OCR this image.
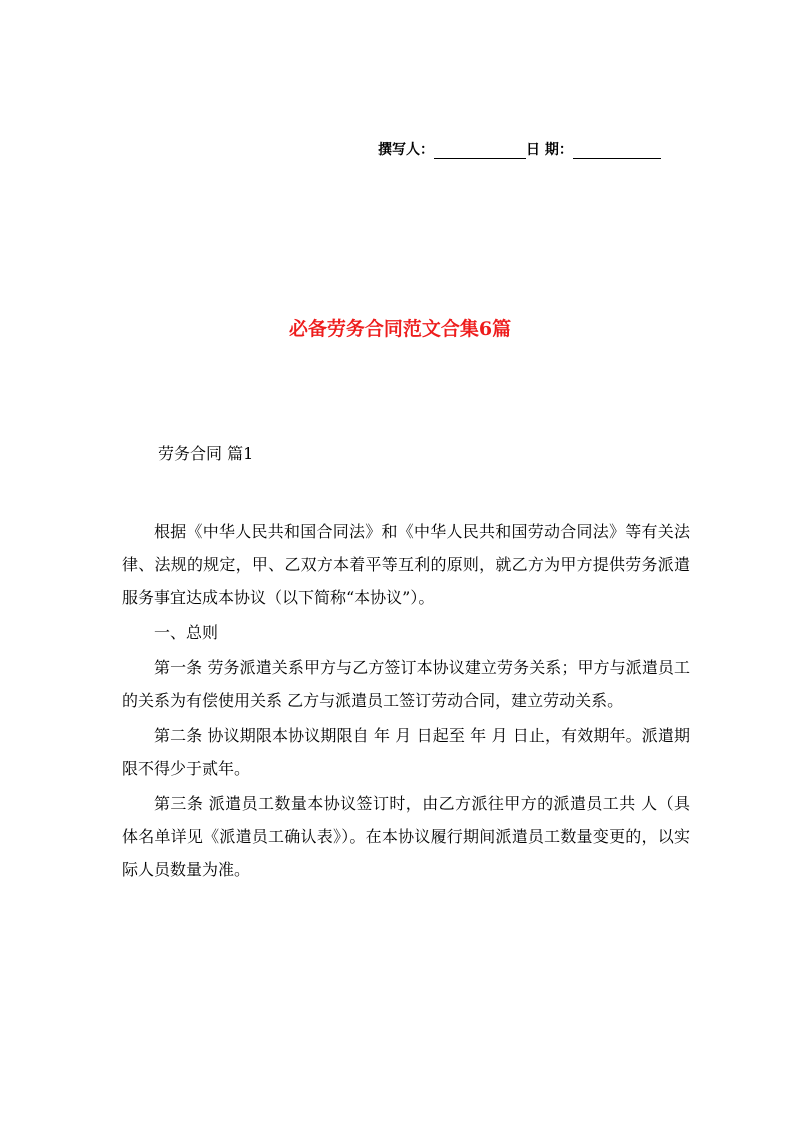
撰写人：	日 期：
必备劳务合同范文合集6篇
劳务合同 篇1

根据《中华人民共和国合同法》和《中华人民共和国劳动合同法》等有关法律、法规的规定，甲、乙双方本着平等互利的原则，就乙方为甲方提供劳务派遣服务事宜达成本协议（以下简称“本协议”）。

一、总则

第一条 劳务派遣关系甲方与乙方签订本协议建立劳务关系；甲方与派遣员工的关系为有偿使用关系 乙方与派遣员工签订劳动合同，建立劳动关系。

第二条 协议期限本协议期限自 年 月 日起至 年 月 日止，有效期年。派遣期限不得少于贰年。

第三条 派遣员工数量本协议签订时，由乙方派往甲方的派遣员工共 人（具体名单详见《派遣员工确认表》）。在本协议履行期间派遣员工数量变更的，以实际人员数量为准。
